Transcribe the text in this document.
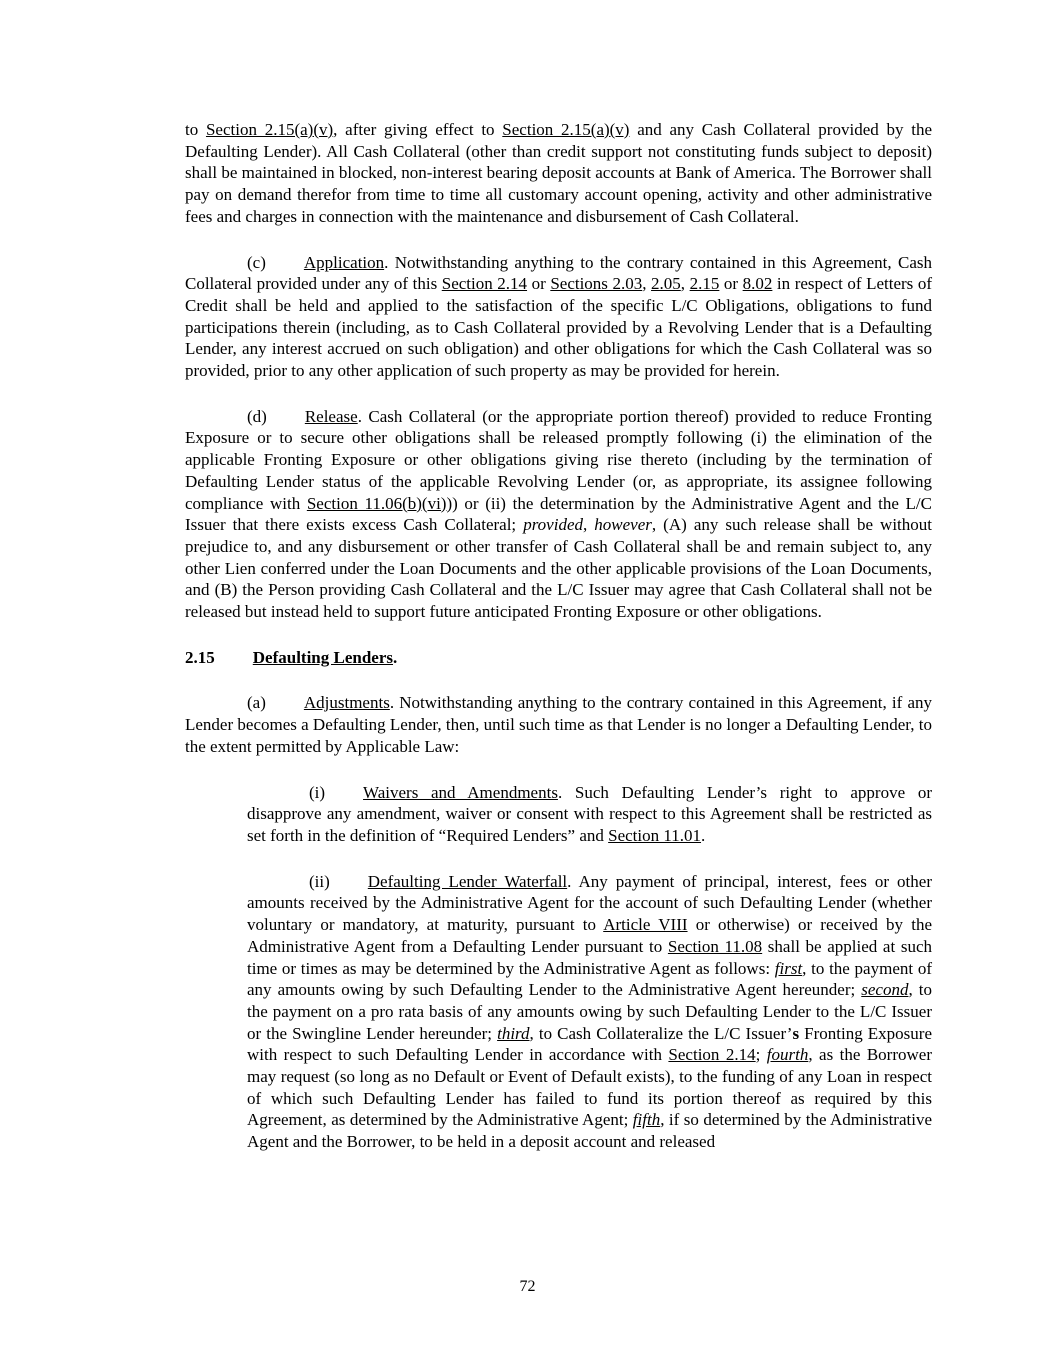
to Section 2.15(a)(v), after giving effect to Section 2.15(a)(v) and any Cash Collateral provided by the Defaulting Lender). All Cash Collateral (other than credit support not constituting funds subject to deposit) shall be maintained in blocked, non-interest bearing deposit accounts at Bank of America. The Borrower shall pay on demand therefor from time to time all customary account opening, activity and other administrative fees and charges in connection with the maintenance and disbursement of Cash Collateral.

(c) Application. Notwithstanding anything to the contrary contained in this Agreement, Cash Collateral provided under any of this Section 2.14 or Sections 2.03, 2.05, 2.15 or 8.02 in respect of Letters of Credit shall be held and applied to the satisfaction of the specific L/C Obligations, obligations to fund participations therein (including, as to Cash Collateral provided by a Revolving Lender that is a Defaulting Lender, any interest accrued on such obligation) and other obligations for which the Cash Collateral was so provided, prior to any other application of such property as may be provided for herein.

(d) Release. Cash Collateral (or the appropriate portion thereof) provided to reduce Fronting Exposure or to secure other obligations shall be released promptly following (i) the elimination of the applicable Fronting Exposure or other obligations giving rise thereto (including by the termination of Defaulting Lender status of the applicable Revolving Lender (or, as appropriate, its assignee following compliance with Section 11.06(b)(vi))) or (ii) the determination by the Administrative Agent and the L/C Issuer that there exists excess Cash Collateral; provided, however, (A) any such release shall be without prejudice to, and any disbursement or other transfer of Cash Collateral shall be and remain subject to, any other Lien conferred under the Loan Documents and the other applicable provisions of the Loan Documents, and (B) the Person providing Cash Collateral and the L/C Issuer may agree that Cash Collateral shall not be released but instead held to support future anticipated Fronting Exposure or other obligations.

2.15 Defaulting Lenders.

(a) Adjustments. Notwithstanding anything to the contrary contained in this Agreement, if any Lender becomes a Defaulting Lender, then, until such time as that Lender is no longer a Defaulting Lender, to the extent permitted by Applicable Law:

(i) Waivers and Amendments. Such Defaulting Lender’s right to approve or disapprove any amendment, waiver or consent with respect to this Agreement shall be restricted as set forth in the definition of “Required Lenders” and Section 11.01.

(ii) Defaulting Lender Waterfall. Any payment of principal, interest, fees or other amounts received by the Administrative Agent for the account of such Defaulting Lender (whether voluntary or mandatory, at maturity, pursuant to Article VIII or otherwise) or received by the Administrative Agent from a Defaulting Lender pursuant to Section 11.08 shall be applied at such time or times as may be determined by the Administrative Agent as follows: first, to the payment of any amounts owing by such Defaulting Lender to the Administrative Agent hereunder; second, to the payment on a pro rata basis of any amounts owing by such Defaulting Lender to the L/C Issuer or the Swingline Lender hereunder; third, to Cash Collateralize the L/C Issuer’s Fronting Exposure with respect to such Defaulting Lender in accordance with Section 2.14; fourth, as the Borrower may request (so long as no Default or Event of Default exists), to the funding of any Loan in respect of which such Defaulting Lender has failed to fund its portion thereof as required by this Agreement, as determined by the Administrative Agent; fifth, if so determined by the Administrative Agent and the Borrower, to be held in a deposit account and released

72
